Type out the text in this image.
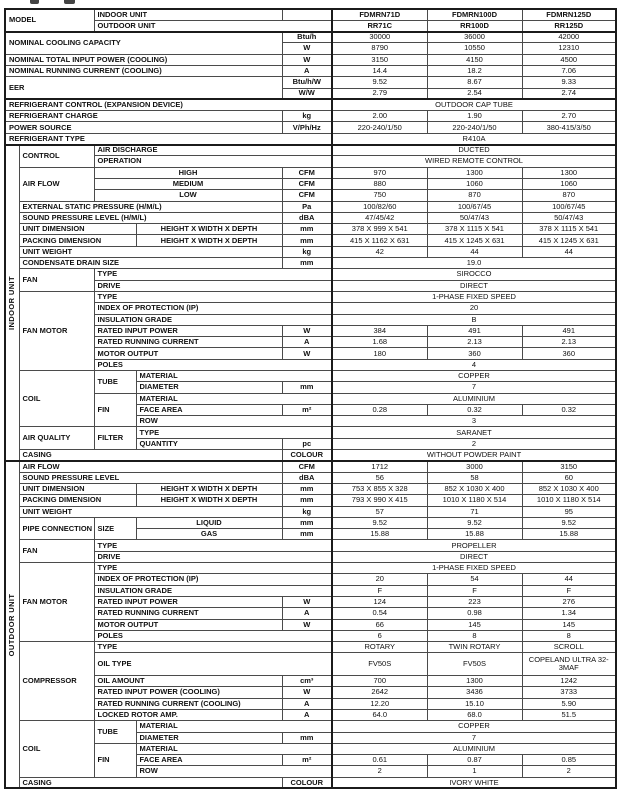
MODEL		INDOOR UNIT			FDMRN71D	FDMRN100D	FDMRN125D
		OUTDOOR UNIT			RR71C	RR100D	RR125D
NOMINAL COOLING CAPACITY				Btu/h	30000	36000	42000
				W	8790	10550	12310
NOMINAL TOTAL INPUT POWER (COOLING)				W	3150	4150	4500
NOMINAL RUNNING CURRENT (COOLING)				A	14.4	18.2	7.06
EER				Btu/h/W	9.52	8.67	9.33
				W/W	2.79	2.54	2.74
REFRIGERANT CONTROL (EXPANSION DEVICE)					OUTDOOR CAP TUBE		
REFRIGERANT CHARGE				kg	2.00	1.90	2.70
POWER SOURCE				V/Ph/Hz	220-240/1/50	220-240/1/50	380-415/3/50
REFRIGERANT TYPE					R410A		

INDOOR UNIT	CONTROL	AIR DISCHARGE			DUCTED		
		OPERATION			WIRED REMOTE CONTROL		
	AIR FLOW	HIGH		CFM	970	1300	1300
		MEDIUM		CFM	880	1060	1060
		LOW		CFM	750	870	870
	EXTERNAL STATIC PRESSURE (H/M/L)			Pa	100/82/60	100/67/45	100/67/45
	SOUND PRESSURE LEVEL (H/M/L)			dBA	47/45/42	50/47/43	50/47/43
	UNIT DIMENSION		HEIGHT X WIDTH X DEPTH	mm	378 X 999 X 541	378 X 1115 X 541	378 X 1115 X 541
	PACKING DIMENSION		HEIGHT X WIDTH X DEPTH	mm	415 X 1162 X 631	415 X 1245 X 631	415 X 1245 X 631
	UNIT WEIGHT			kg	42	44	44
	CONDENSATE DRAIN SIZE			mm	19.0		
	FAN	TYPE			SIROCCO		
		DRIVE			DIRECT		
	FAN MOTOR	TYPE			1-PHASE FIXED SPEED		
		INDEX OF PROTECTION (IP)			20		
		INSULATION GRADE			B		
		RATED INPUT POWER		W	384	491	491
		RATED RUNNING CURRENT		A	1.68	2.13	2.13
		MOTOR OUTPUT		W	180	360	360
		POLES			4		
	COIL	TUBE	MATERIAL		COPPER		
			DIAMETER	mm	7		
		FIN	MATERIAL		ALUMINIUM		
			FACE AREA	m²	0.28	0.32	0.32
			ROW		3		
	AIR QUALITY	FILTER	TYPE		SARANET		
			QUANTITY	pc	2		
	CASING			COLOUR	WITHOUT POWDER PAINT		

OUTDOOR UNIT	AIR FLOW			CFM	1712	3000	3150
	SOUND PRESSURE LEVEL			dBA	56	58	60
	UNIT DIMENSION		HEIGHT X WIDTH X DEPTH	mm	753 X 855 X 328	852 X 1030 X 400	852 X 1030 X 400
	PACKING DIMENSION		HEIGHT X WIDTH X DEPTH	mm	793 X 990 X 415	1010 X 1180 X 514	1010 X 1180 X 514
	UNIT WEIGHT			kg	57	71	95
	PIPE CONNECTION	SIZE	LIQUID	mm	9.52	9.52	9.52
			GAS	mm	15.88	15.88	15.88
	FAN	TYPE			PROPELLER		
		DRIVE			DIRECT		
	FAN MOTOR	TYPE			1-PHASE FIXED SPEED		
		INDEX OF PROTECTION (IP)			20	54	44
		INSULATION GRADE			F	F	F
		RATED INPUT POWER		W	124	223	276
		RATED RUNNING CURRENT		A	0.54	0.98	1.34
		MOTOR OUTPUT		W	66	145	145
		POLES			6	8	8
	COMPRESSOR	TYPE			ROTARY	TWIN ROTARY	SCROLL
		OIL TYPE			FV50S	FV50S	COPELAND ULTRA 32-3MAF
		OIL AMOUNT		cm³	700	1300	1242
		RATED INPUT POWER (COOLING)		W	2642	3436	3733
		RATED RUNNING CURRENT (COOLING)		A	12.20	15.10	5.90
		LOCKED ROTOR AMP.		A	64.0	68.0	51.5
	COIL	TUBE	MATERIAL		COPPER		
			DIAMETER	mm	7		
		FIN	MATERIAL		ALUMINIUM		
			FACE AREA	m²	0.61	0.87	0.85
			ROW		2	1	2
	CASING			COLOUR	IVORY WHITE		
